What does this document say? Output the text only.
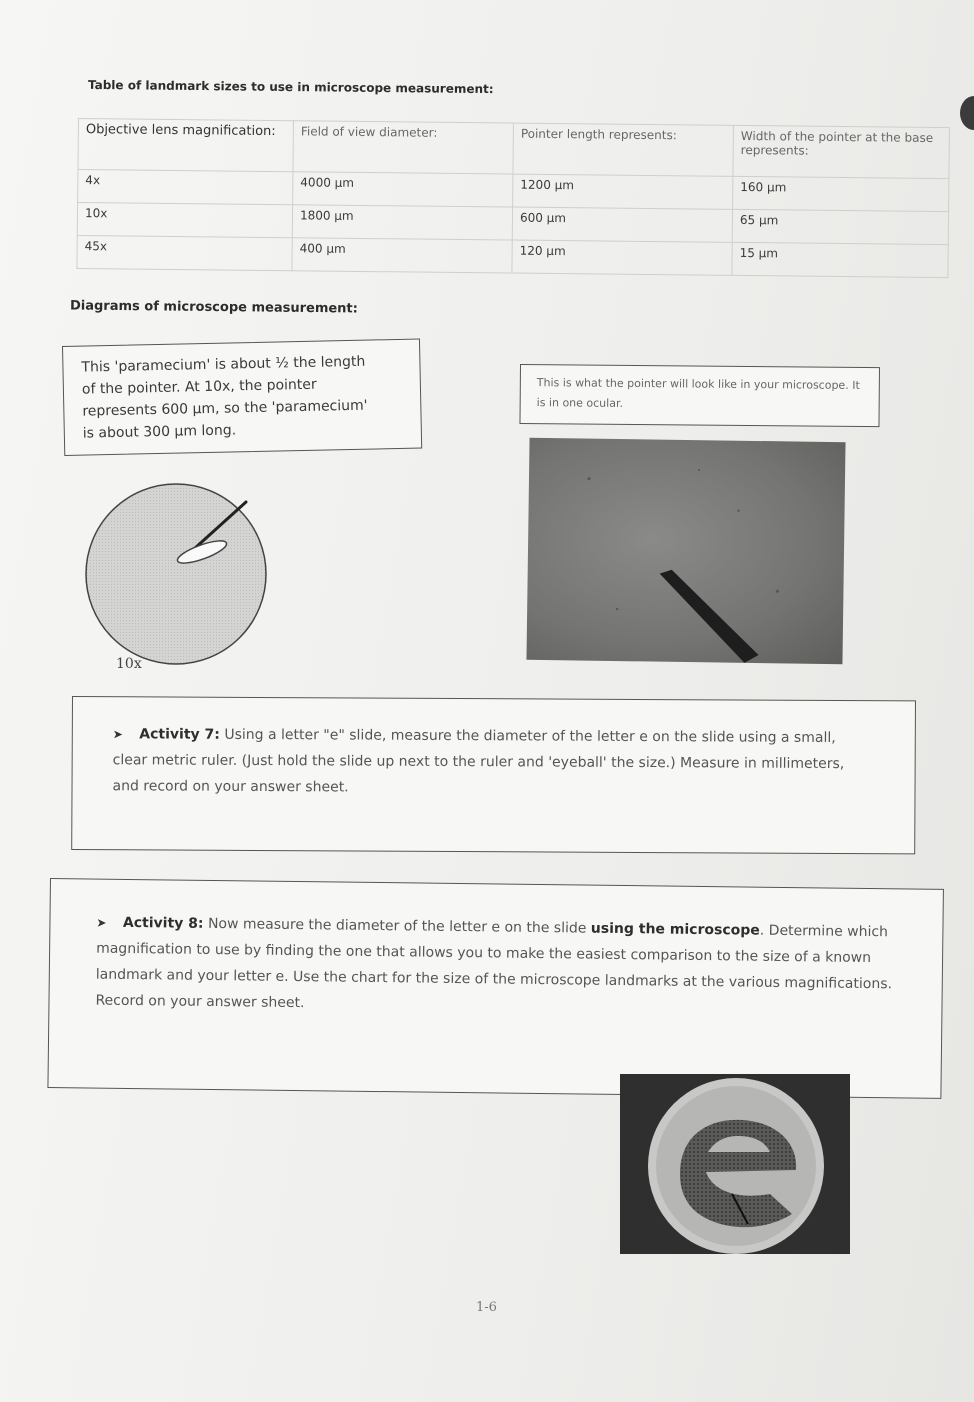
Table of landmark sizes to use in microscope measurement:
Objective lens magnification:	Field of view diameter:	Pointer length represents:	Width of the pointer at the base represents:
4x	4000 μm	1200 μm	160 μm
10x	1800 μm	600 μm	65 μm
45x	400 μm	120 μm	15 μm
Diagrams of microscope measurement:

This 'paramecium' is about ½ the length of the pointer. At 10x, the pointer represents 600 µm, so the 'paramecium' is about 300 µm long.

This is what the pointer will look like in your microscope. It is in one ocular.

10x
➤ Activity 7: Using a letter "e" slide, measure the diameter of the letter e on the slide using a small, clear metric ruler. (Just hold the slide up next to the ruler and 'eyeball' the size.) Measure in millimeters, and record on your answer sheet.
➤ Activity 8: Now measure the diameter of the letter e on the slide using the microscope. Determine which magnification to use by finding the one that allows you to make the easiest comparison to the size of a known landmark and your letter e. Use the chart for the size of the microscope landmarks at the various magnifications. Record on your answer sheet.
1-6
